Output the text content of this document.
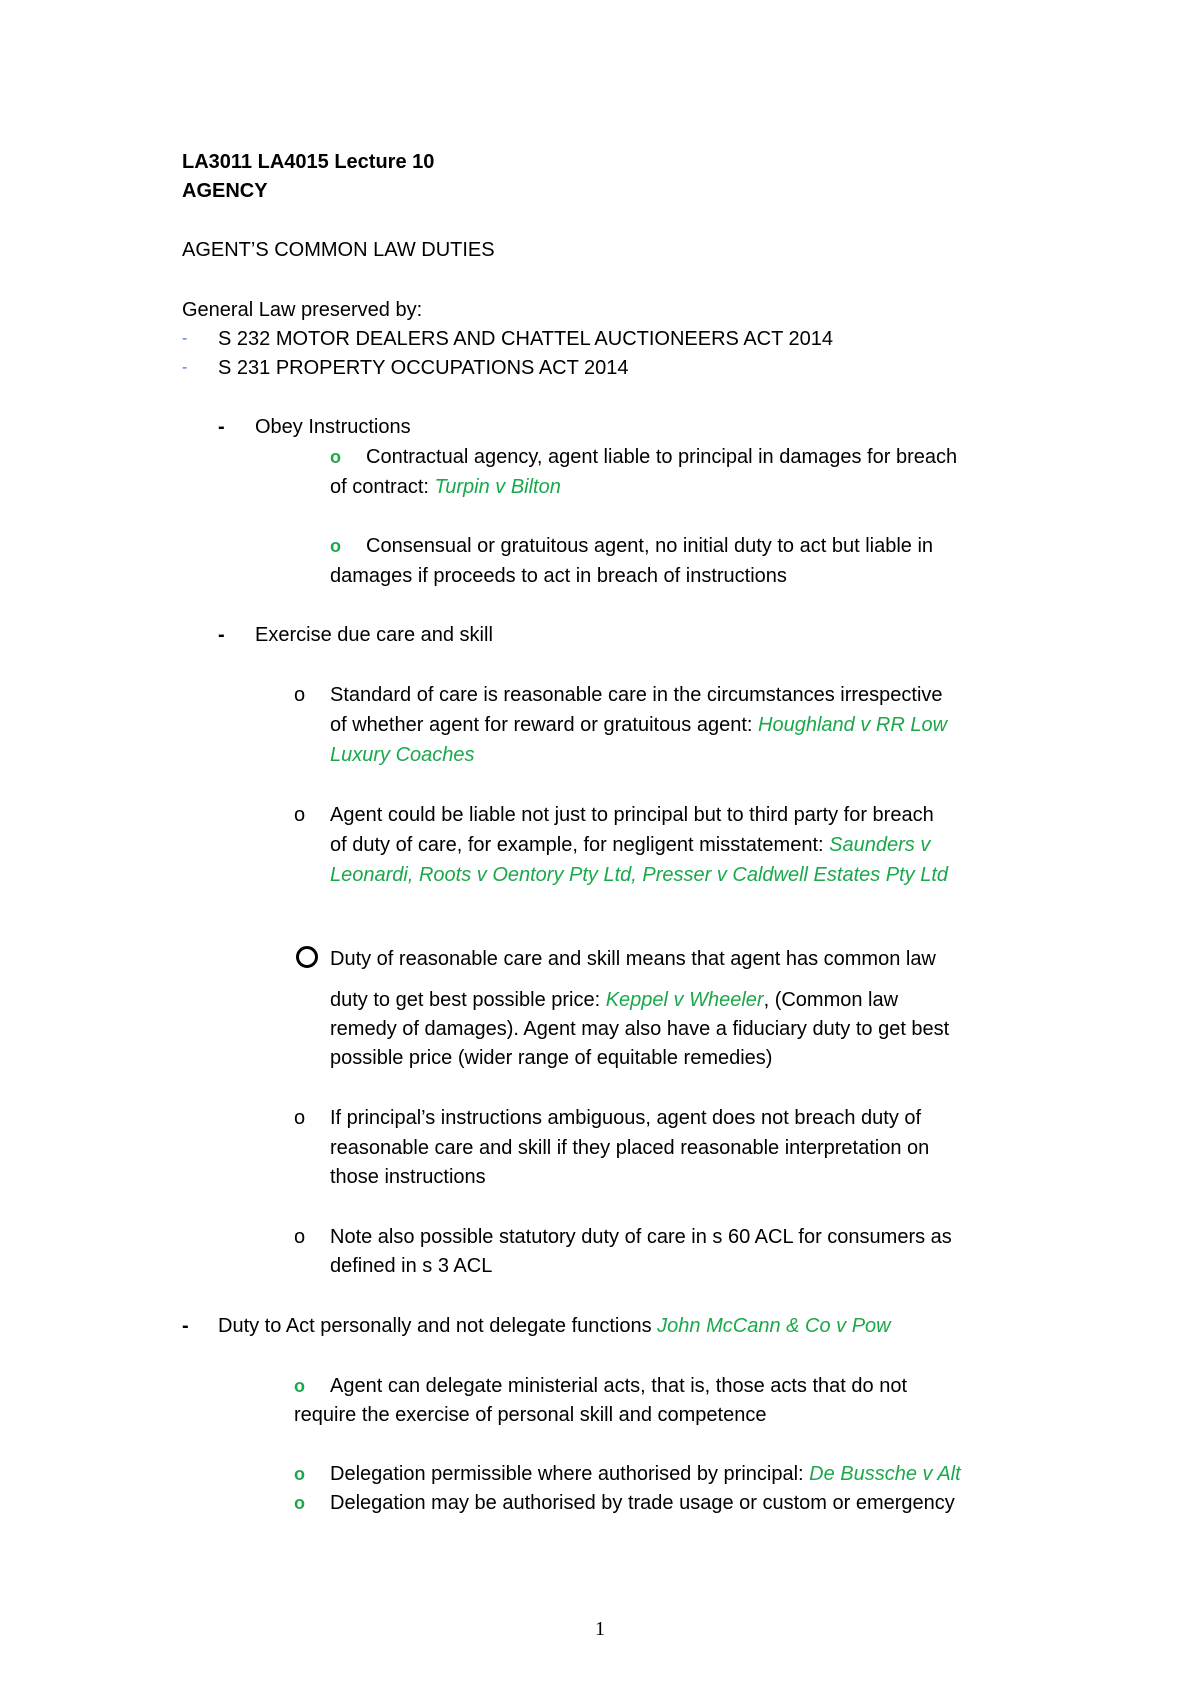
LA3011 LA4015 Lecture 10
AGENCY
AGENT’S COMMON LAW DUTIES
General Law preserved by:
- S 232 MOTOR DEALERS AND CHATTEL AUCTIONEERS ACT 2014
- S 231 PROPERTY OCCUPATIONS ACT 2014
- Obey Instructions
o Contractual agency, agent liable to principal in damages for breach
of contract: Turpin v Bilton
o Consensual or gratuitous agent, no initial duty to act but liable in
damages if proceeds to act in breach of instructions
- Exercise due care and skill
o Standard of care is reasonable care in the circumstances irrespective
of whether agent for reward or gratuitous agent: Houghland v RR Low
Luxury Coaches
o Agent could be liable not just to principal but to third party for breach
of duty of care, for example, for negligent misstatement: Saunders v
Leonardi, Roots v Oentory Pty Ltd, Presser v Caldwell Estates Pty Ltd
Duty of reasonable care and skill means that agent has common law
duty to get best possible price: Keppel v Wheeler, (Common law
remedy of damages). Agent may also have a fiduciary duty to get best
possible price (wider range of equitable remedies)
o If principal’s instructions ambiguous, agent does not breach duty of
reasonable care and skill if they placed reasonable interpretation on
those instructions
o Note also possible statutory duty of care in s 60 ACL for consumers as
defined in s 3 ACL
- Duty to Act personally and not delegate functions John McCann & Co v Pow
o Agent can delegate ministerial acts, that is, those acts that do not
require the exercise of personal skill and competence
o Delegation permissible where authorised by principal: De Bussche v Alt
o Delegation may be authorised by trade usage or custom or emergency
1
